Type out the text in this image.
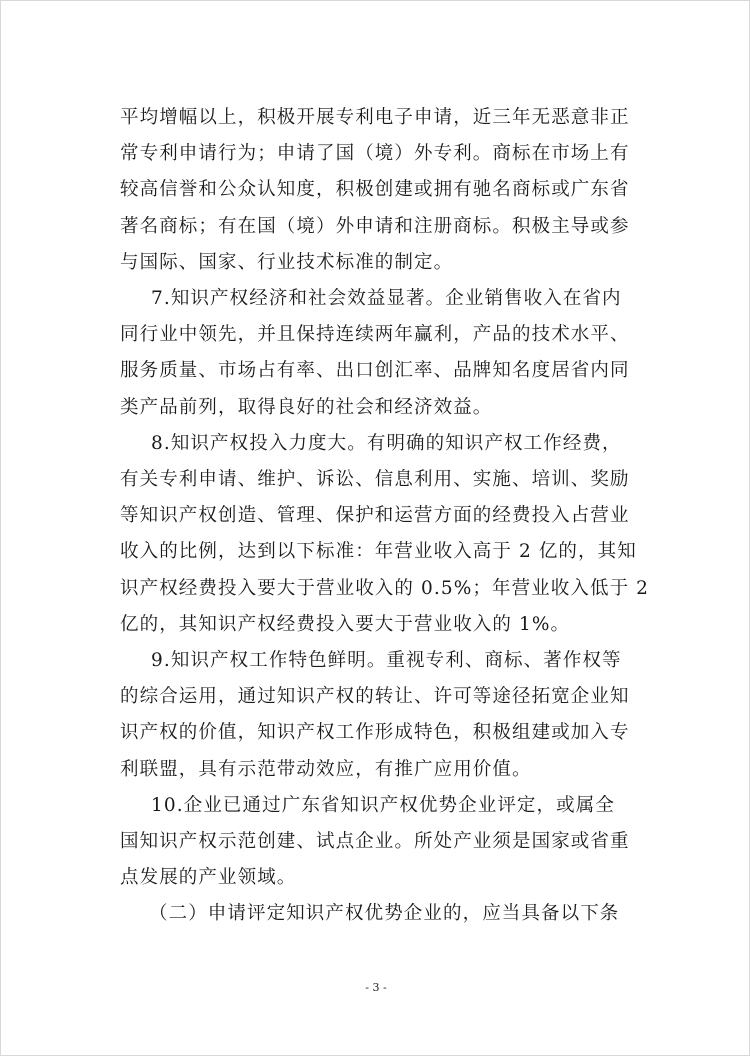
平均增幅以上，积极开展专利电子申请，近三年无恶意非正
常专利申请行为；申请了国（境）外专利。商标在市场上有
较高信誉和公众认知度，积极创建或拥有驰名商标或广东省
著名商标；有在国（境）外申请和注册商标。积极主导或参
与国际、国家、行业技术标准的制定。
7.知识产权经济和社会效益显著。企业销售收入在省内
同行业中领先，并且保持连续两年赢利，产品的技术水平、
服务质量、市场占有率、出口创汇率、品牌知名度居省内同
类产品前列，取得良好的社会和经济效益。
8.知识产权投入力度大。有明确的知识产权工作经费，
有关专利申请、维护、诉讼、信息利用、实施、培训、奖励
等知识产权创造、管理、保护和运营方面的经费投入占营业
收入的比例，达到以下标准：年营业收入高于 2 亿的，其知
识产权经费投入要大于营业收入的 0.5%；年营业收入低于 2
亿的，其知识产权经费投入要大于营业收入的 1%。
9.知识产权工作特色鲜明。重视专利、商标、著作权等
的综合运用，通过知识产权的转让、许可等途径拓宽企业知
识产权的价值，知识产权工作形成特色，积极组建或加入专
利联盟，具有示范带动效应，有推广应用价值。
10.企业已通过广东省知识产权优势企业评定，或属全
国知识产权示范创建、试点企业。所处产业须是国家或省重
点发展的产业领域。
（二）申请评定知识产权优势企业的，应当具备以下条
- 3 -
